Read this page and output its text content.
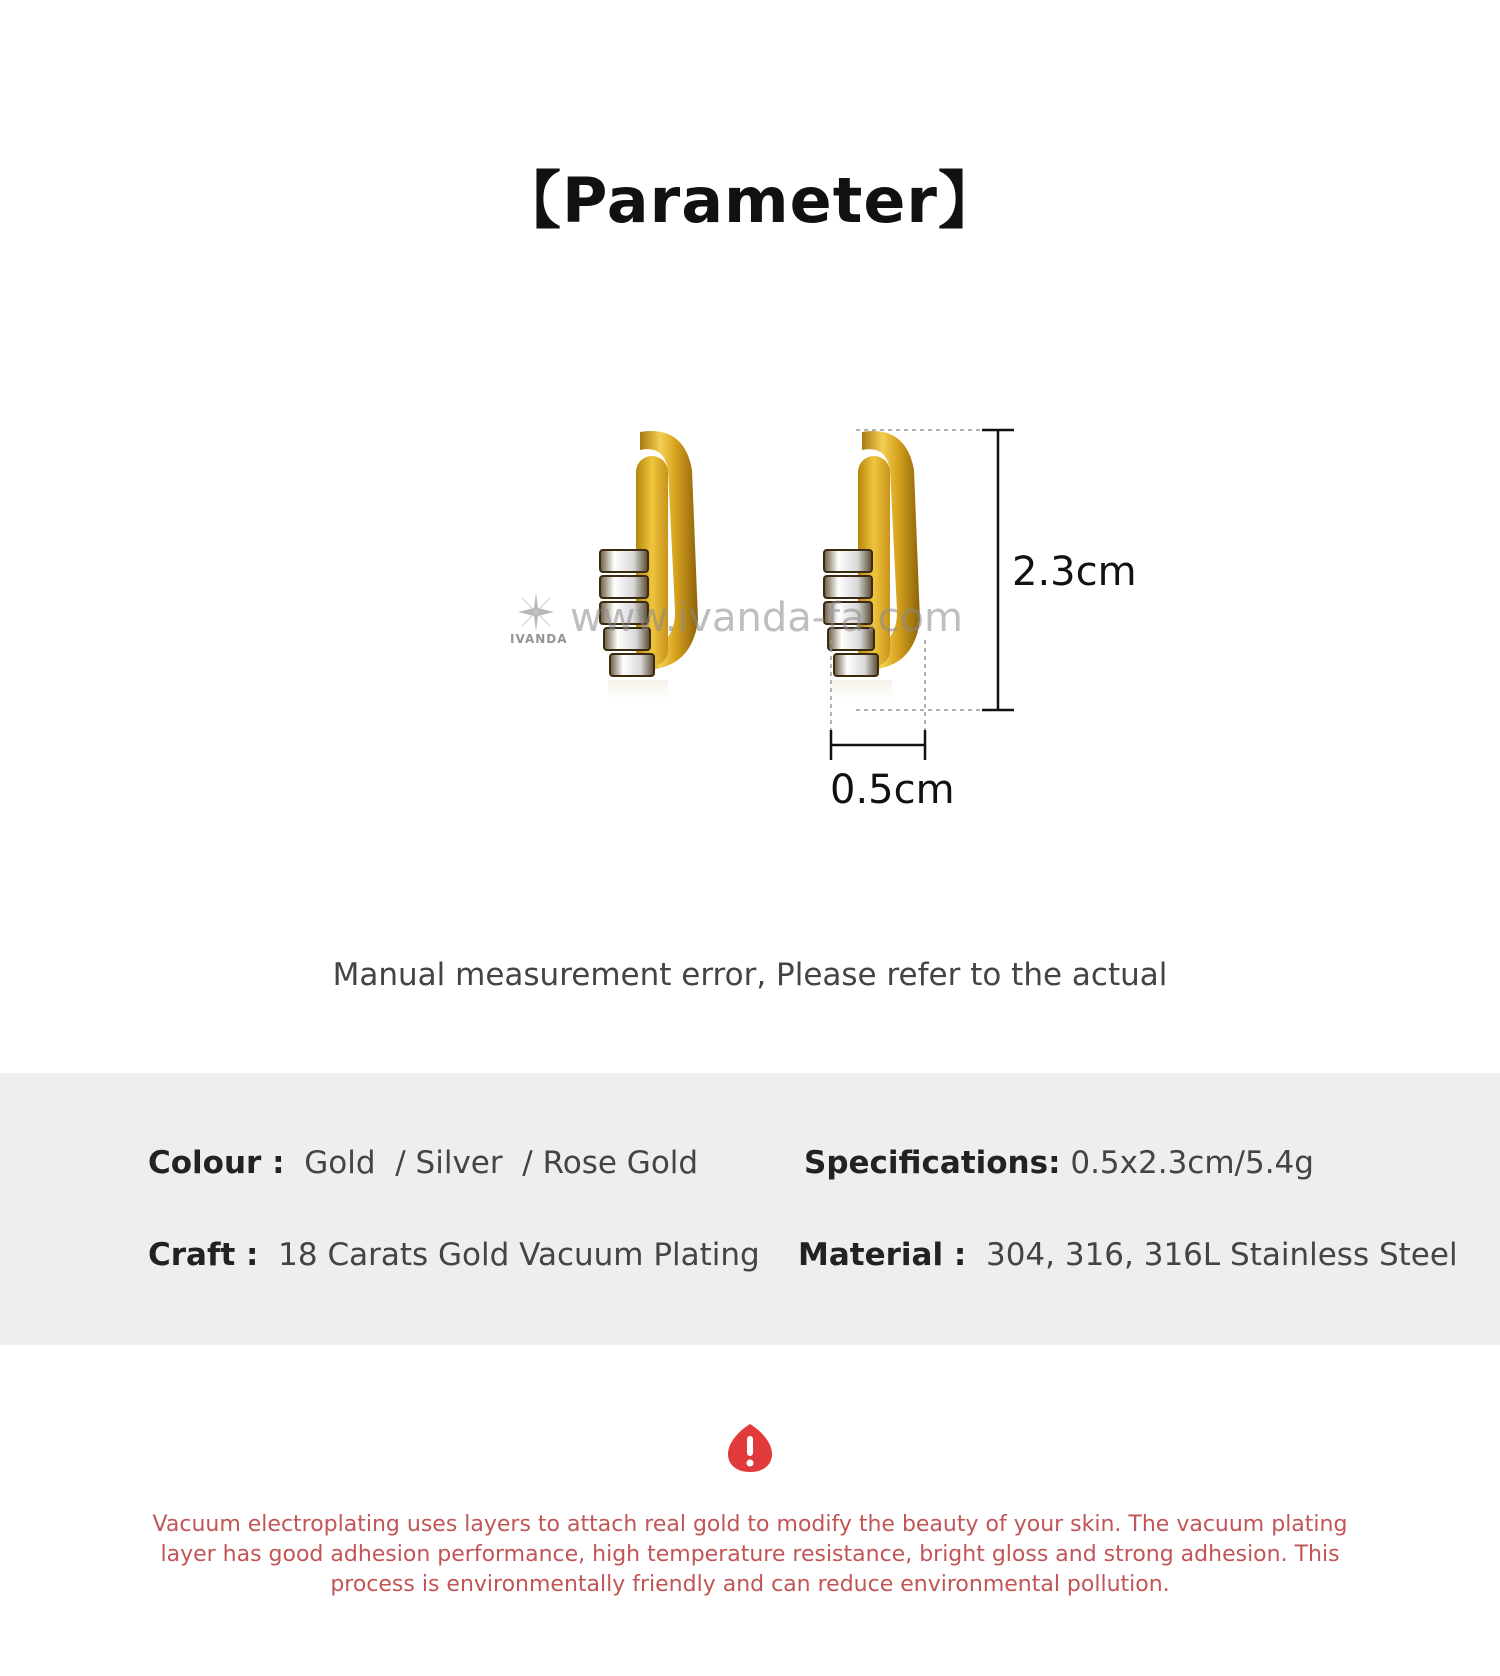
【Parameter】
2.3cm
0.5cm
IVANDA www.ivanda-fa.com
Manual measurement error, Please refer to the actual
Colour : Gold  / Silver  / Rose Gold	Specifications: 0.5x2.3cm/5.4g
Craft : 18 Carats Gold Vacuum Plating Material : 304, 316, 316L Stainless Steel
Vacuum electroplating uses layers to attach real gold to modify the beauty of your skin. The vacuum plating layer has good adhesion performance, high temperature resistance, bright gloss and strong adhesion. This process is environmentally friendly and can reduce environmental pollution.
